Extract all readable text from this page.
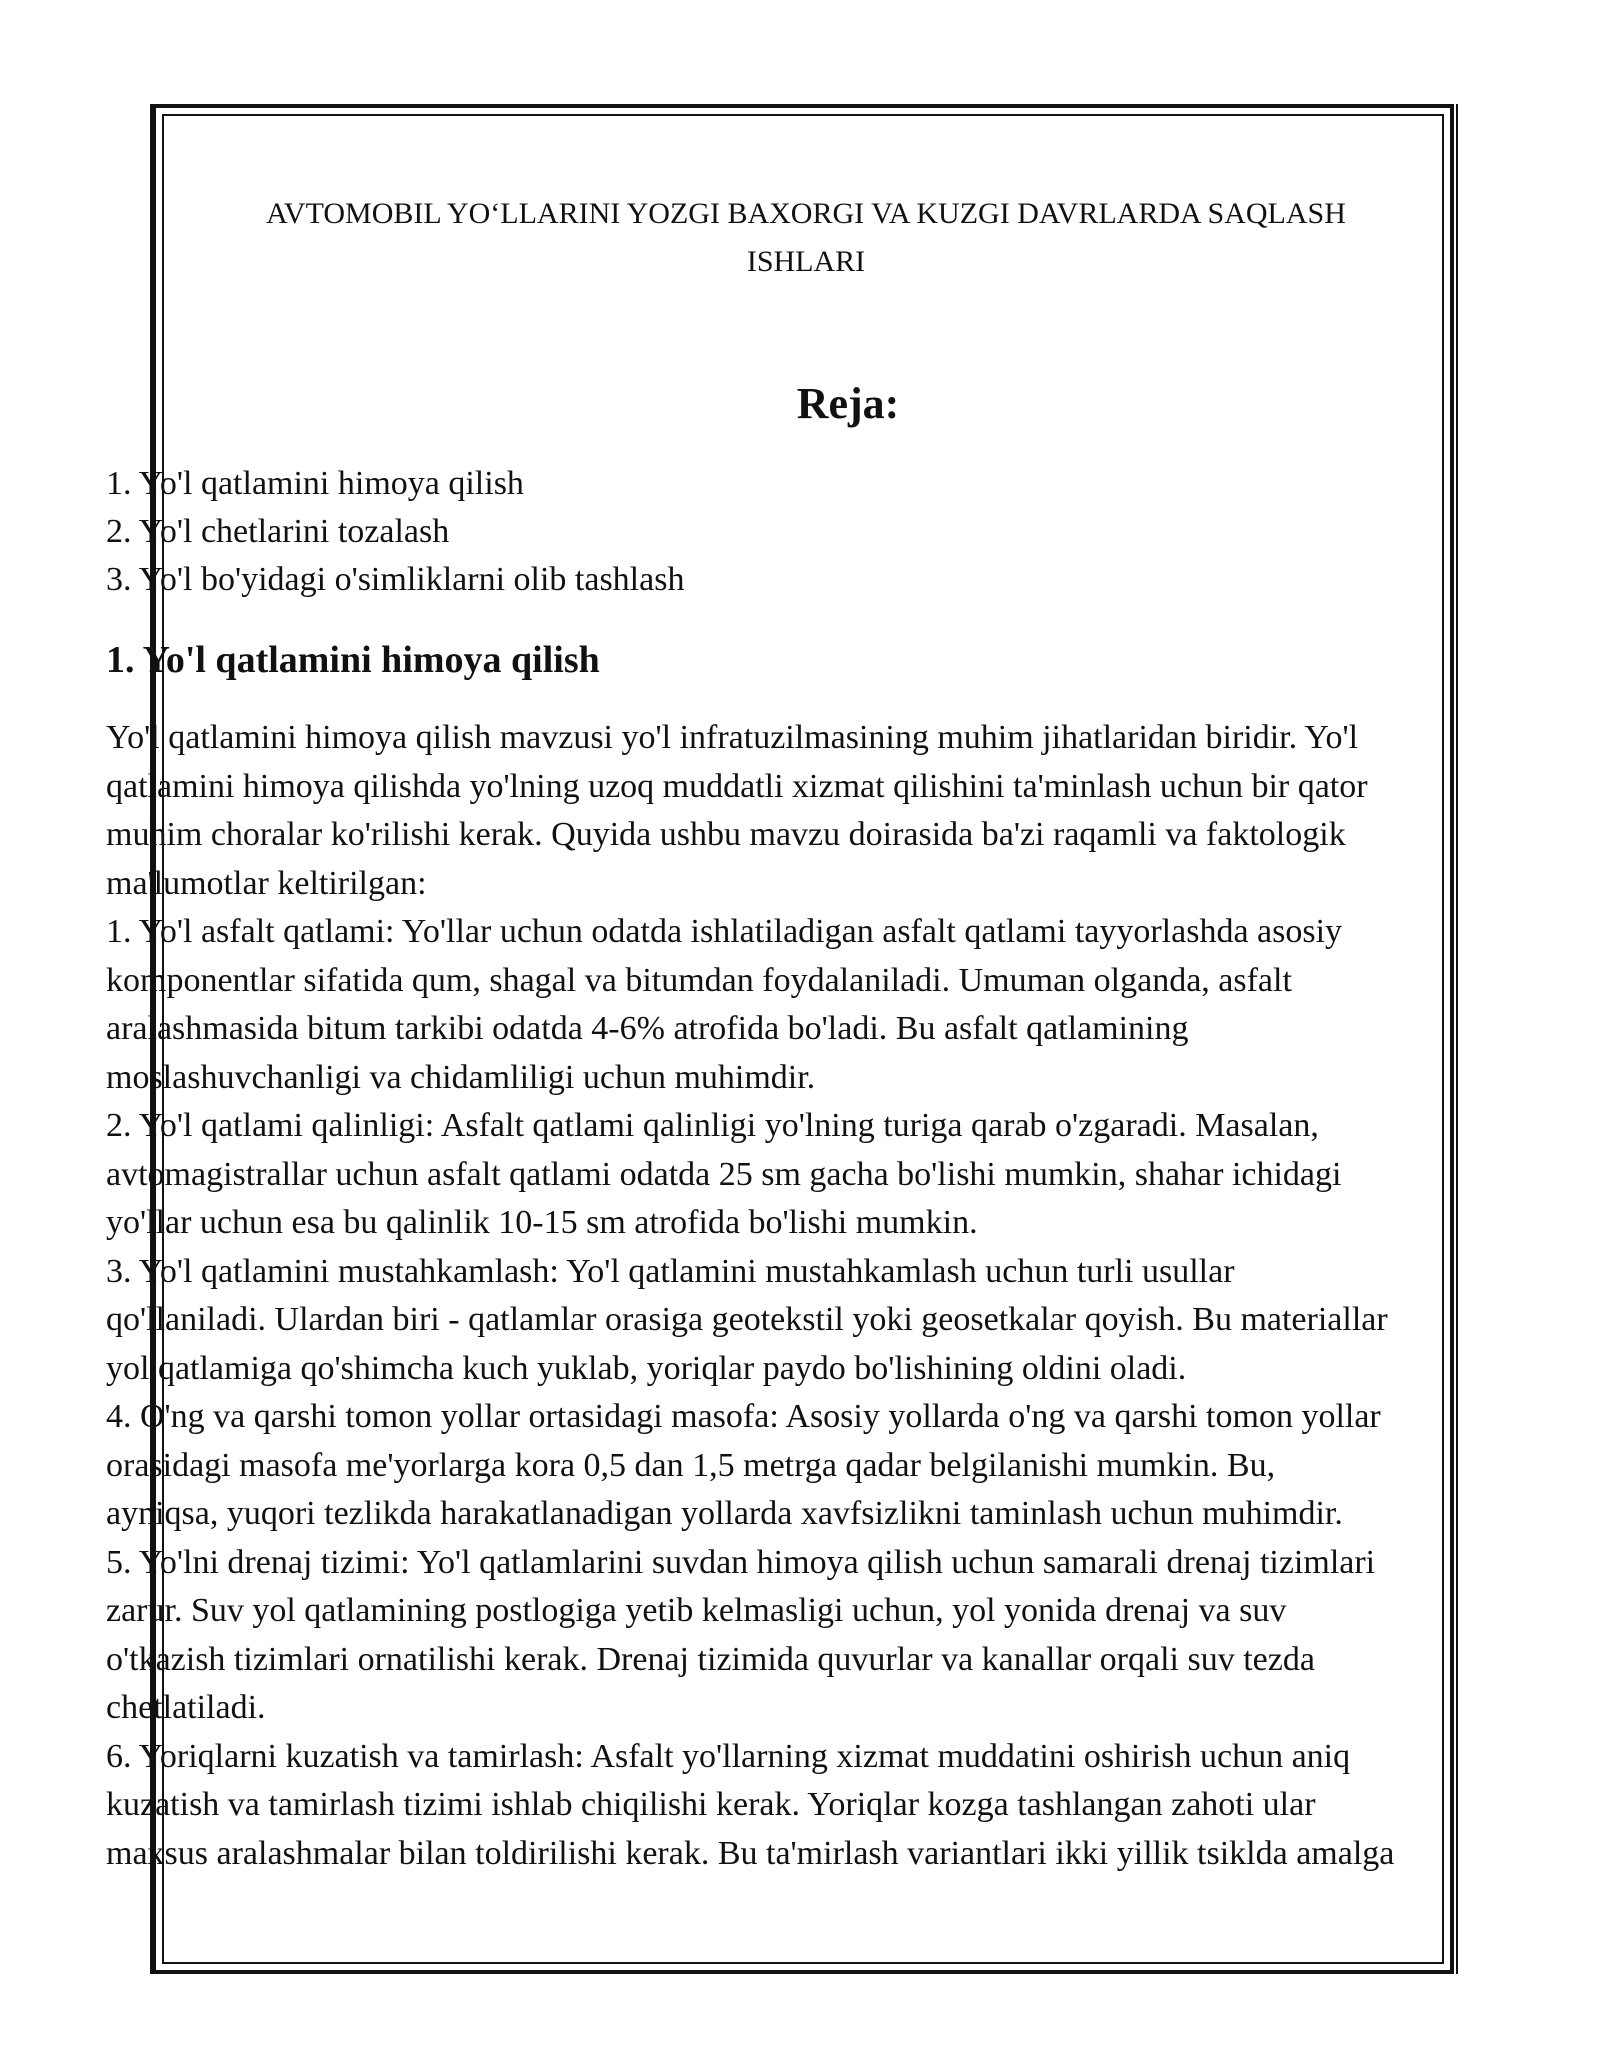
AVTOMOBIL YO‘LLARINI YOZGI BAXORGI VA KUZGI DAVRLARDA SAQLASH
ISHLARI
Reja:
1. Yo'l qatlamini himoya qilish
2. Yo'l chetlarini tozalash
3. Yo'l bo'yidagi o'simliklarni olib tashlash
1. Yo'l qatlamini himoya qilish
Yo'l qatlamini himoya qilish mavzusi yo'l infratuzilmasining muhim jihatlaridan biridir. Yo'l
qatlamini himoya qilishda yo'lning uzoq muddatli xizmat qilishini ta'minlash uchun bir qator
muhim choralar ko'rilishi kerak. Quyida ushbu mavzu doirasida ba'zi raqamli va faktologik
ma'lumotlar keltirilgan:
1. Yo'l asfalt qatlami: Yo'llar uchun odatda ishlatiladigan asfalt qatlami tayyorlashda asosiy
komponentlar sifatida qum, shagal va bitumdan foydalaniladi. Umuman olganda, asfalt
aralashmasida bitum tarkibi odatda 4-6% atrofida bo'ladi. Bu asfalt qatlamining
moslashuvchanligi va chidamliligi uchun muhimdir.
2. Yo'l qatlami qalinligi: Asfalt qatlami qalinligi yo'lning turiga qarab o'zgaradi. Masalan,
avtomagistrallar uchun asfalt qatlami odatda 25 sm gacha bo'lishi mumkin, shahar ichidagi
yo'llar uchun esa bu qalinlik 10-15 sm atrofida bo'lishi mumkin.
3. Yo'l qatlamini mustahkamlash: Yo'l qatlamini mustahkamlash uchun turli usullar
qo'llaniladi. Ulardan biri - qatlamlar orasiga geotekstil yoki geosetkalar qoyish. Bu materiallar
yol qatlamiga qo'shimcha kuch yuklab, yoriqlar paydo bo'lishining oldini oladi.
4. O'ng va qarshi tomon yollar ortasidagi masofa: Asosiy yollarda o'ng va qarshi tomon yollar
orasidagi masofa me'yorlarga kora 0,5 dan 1,5 metrga qadar belgilanishi mumkin. Bu,
ayniqsa, yuqori tezlikda harakatlanadigan yollarda xavfsizlikni taminlash uchun muhimdir.
5. Yo'lni drenaj tizimi: Yo'l qatlamlarini suvdan himoya qilish uchun samarali drenaj tizimlari
zarur. Suv yol qatlamining postlogiga yetib kelmasligi uchun, yol yonida drenaj va suv
o'tkazish tizimlari ornatilishi kerak. Drenaj tizimida quvurlar va kanallar orqali suv tezda
chetlatiladi.
6. Yoriqlarni kuzatish va tamirlash: Asfalt yo'llarning xizmat muddatini oshirish uchun aniq
kuzatish va tamirlash tizimi ishlab chiqilishi kerak. Yoriqlar kozga tashlangan zahoti ular
maxsus aralashmalar bilan toldirilishi kerak. Bu ta'mirlash variantlari ikki yillik tsiklda amalga
